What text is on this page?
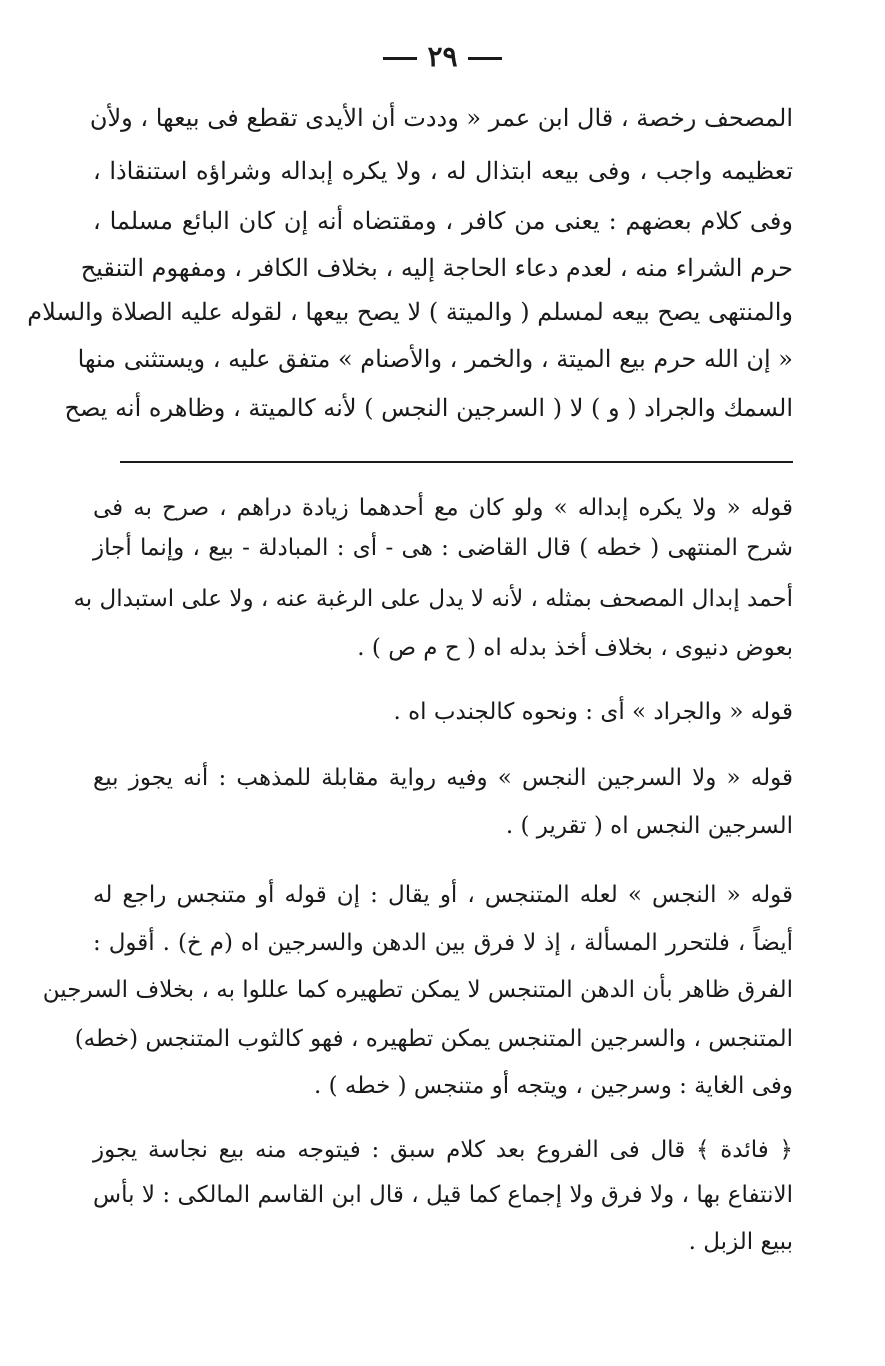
٢٩
المصحف رخصة ، قال ابن عمر « وددت أن الأيدى تقطع فى بيعها ، ولأن
تعظيمه واجب ، وفى بيعه ابتذال له ، ولا يكره إبداله وشراؤه استنقاذا ،
وفى كلام بعضهم : يعنى من كافر ، ومقتضاه أنه إن كان البائع مسلما ،
حرم الشراء منه ، لعدم دعاء الحاجة إليه ، بخلاف الكافر ، ومفهوم التنقيح
والمنتهى يصح بيعه لمسلم ( والميتة ) لا يصح بيعها ، لقوله عليه الصلاة والسلام
« إن الله حرم بيع الميتة ، والخمر ، والأصنام » متفق عليه ، ويستثنى منها
السمك والجراد ( و ) لا ( السرجين النجس ) لأنه كالميتة ، وظاهره أنه يصح
قوله « ولا يكره إبداله » ولو كان مع أحدهما زيادة دراهم ، صرح به فى
شرح المنتهى ( خطه ) قال القاضى : هى - أى : المبادلة - بيع ، وإنما أجاز
أحمد إبدال المصحف بمثله ، لأنه لا يدل على الرغبة عنه ، ولا على استبدال به
بعوض دنيوى ، بخلاف أخذ بدله اه ( ح م ص ) .
قوله « والجراد » أى : ونحوه كالجندب اه .
قوله « ولا السرجين النجس » وفيه رواية مقابلة للمذهب : أنه يجوز بيع
السرجين النجس اه ( تقرير ) .
قوله « النجس » لعله المتنجس ، أو يقال : إن قوله أو متنجس راجع له
أيضاً ، فلتحرر المسألة ، إذ لا فرق بين الدهن والسرجين اه (م خ) . أقول :
الفرق ظاهر بأن الدهن المتنجس لا يمكن تطهيره كما عللوا به ، بخلاف السرجين
المتنجس ، والسرجين المتنجس يمكن تطهيره ، فهو كالثوب المتنجس (خطه)
وفى الغاية : وسرجين ، ويتجه أو متنجس ( خطه ) .
﴿ فائدة ﴾ قال فى الفروع بعد كلام سبق : فيتوجه منه بيع نجاسة يجوز
الانتفاع بها ، ولا فرق ولا إجماع كما قيل ، قال ابن القاسم المالكى : لا بأس
ببيع الزبل .
